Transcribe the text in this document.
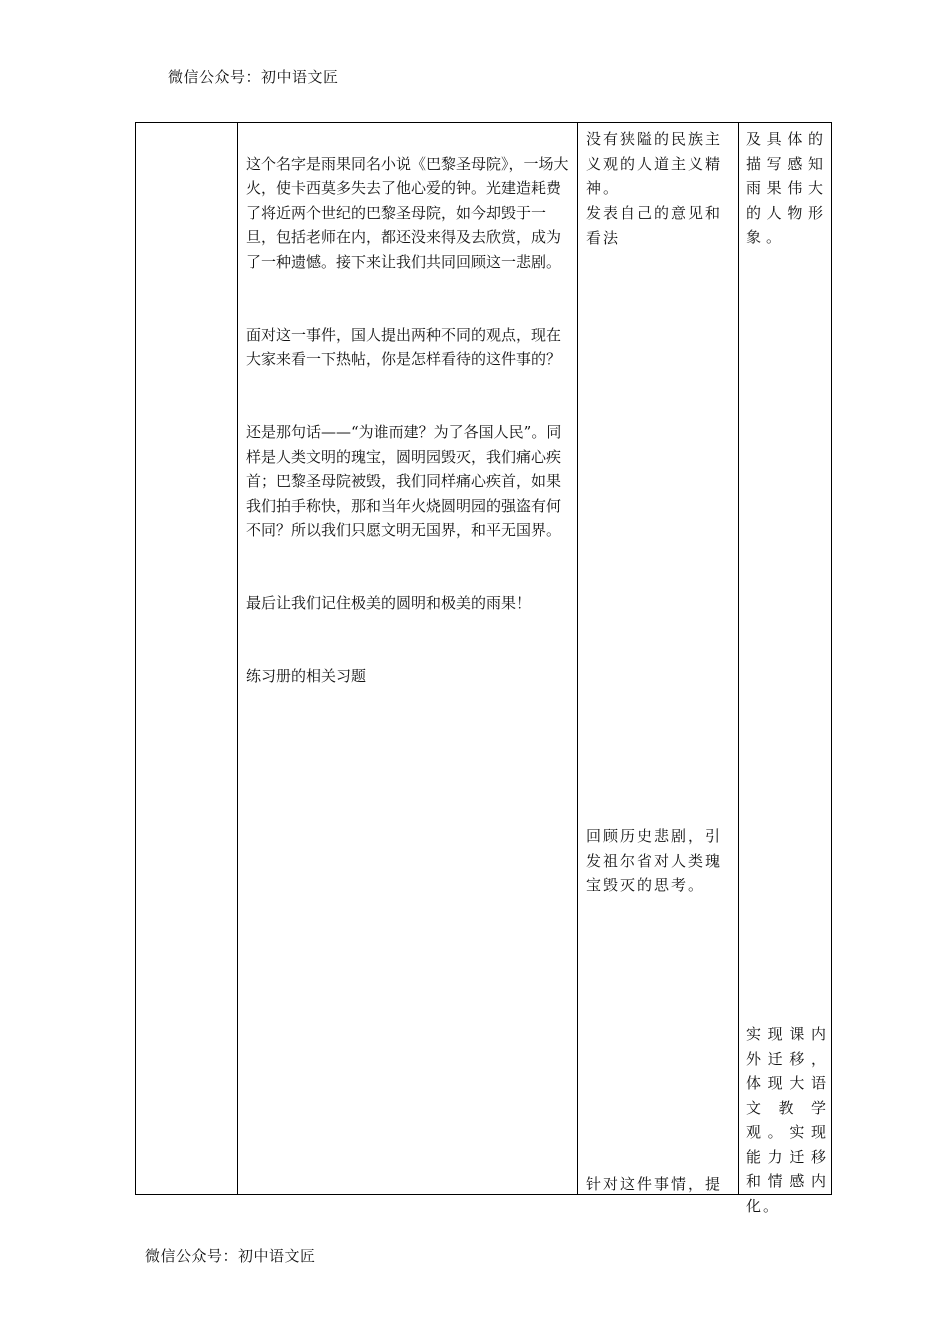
微信公众号：初中语文匠

这个名字是雨果同名小说《巴黎圣母院》，一场大火，使卡西莫多失去了他心爱的钟。光建造耗费了将近两个世纪的巴黎圣母院，如今却毁于一旦，包括老师在内，都还没来得及去欣赏，成为了一种遗憾。接下来让我们共同回顾这一悲剧。

面对这一事件，国人提出两种不同的观点，现在大家来看一下热帖，你是怎样看待的这件事的？

还是那句话——“为谁而建？为了各国人民”。同样是人类文明的瑰宝，圆明园毁灭，我们痛心疾首；巴黎圣母院被毁，我们同样痛心疾首，如果我们拍手称快，那和当年火烧圆明园的强盗有何不同？所以我们只愿文明无国界，和平无国界。

最后让我们记住极美的圆明和极美的雨果！

练习册的相关习题

没有狭隘的民族主义观的人道主义精神。

发表自己的意见和看法

回顾历史悲剧，引发祖尔省对人类瑰宝毁灭的思考。

针对这件事情，提

及具体的描写感知雨果伟大的人物形象。

实现课内外迁移，体现大语文教学观。实现能力迁移和情感内化。

微信公众号：初中语文匠
